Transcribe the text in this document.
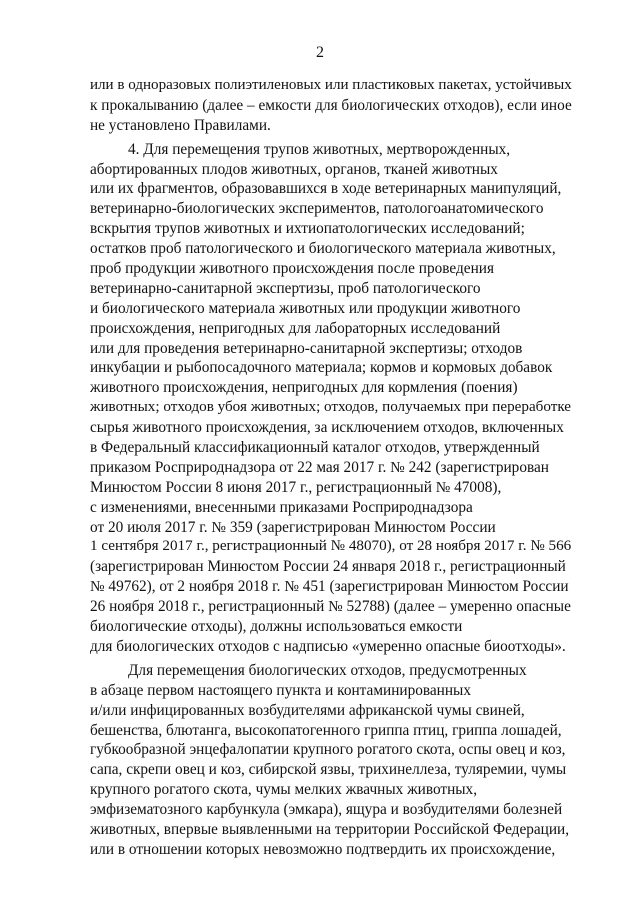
2
или в одноразовых полиэтиленовых или пластиковых пакетах, устойчивых
к прокалыванию (далее – емкости для биологических отходов), если иное
не установлено Правилами.
4. Для перемещения трупов животных, мертворожденных,
абортированных плодов животных, органов, тканей животных
или их фрагментов, образовавшихся в ходе ветеринарных манипуляций,
ветеринарно-биологических экспериментов, патологоанатомического
вскрытия трупов животных и ихтиопатологических исследований;
остатков проб патологического и биологического материала животных,
проб продукции животного происхождения после проведения
ветеринарно-санитарной экспертизы, проб патологического
и биологического материала животных или продукции животного
происхождения, непригодных для лабораторных исследований
или для проведения ветеринарно-санитарной экспертизы; отходов
инкубации и рыбопосадочного материала; кормов и кормовых добавок
животного происхождения, непригодных для кормления (поения)
животных; отходов убоя животных; отходов, получаемых при переработке
сырья животного происхождения, за исключением отходов, включенных
в Федеральный классификационный каталог отходов, утвержденный
приказом Росприроднадзора от 22 мая 2017 г. № 242 (зарегистрирован
Минюстом России 8 июня 2017 г., регистрационный № 47008),
с изменениями, внесенными приказами Росприроднадзора
от 20 июля 2017 г. № 359 (зарегистрирован Минюстом России
1 сентября 2017 г., регистрационный № 48070), от 28 ноября 2017 г. № 566
(зарегистрирован Минюстом России 24 января 2018 г., регистрационный
№ 49762), от 2 ноября 2018 г. № 451 (зарегистрирован Минюстом России
26 ноября 2018 г., регистрационный № 52788) (далее – умеренно опасные
биологические отходы), должны использоваться емкости
для биологических отходов с надписью «умеренно опасные биоотходы».
Для перемещения биологических отходов, предусмотренных
в абзаце первом настоящего пункта и контаминированных
и/или инфицированных возбудителями африканской чумы свиней,
бешенства, блютанга, высокопатогенного гриппа птиц, гриппа лошадей,
губкообразной энцефалопатии крупного рогатого скота, оспы овец и коз,
сапа, скрепи овец и коз, сибирской язвы, трихинеллеза, туляремии, чумы
крупного рогатого скота, чумы мелких жвачных животных,
эмфизематозного карбункула (эмкара), ящура и возбудителями болезней
животных, впервые выявленными на территории Российской Федерации,
или в отношении которых невозможно подтвердить их происхождение,
